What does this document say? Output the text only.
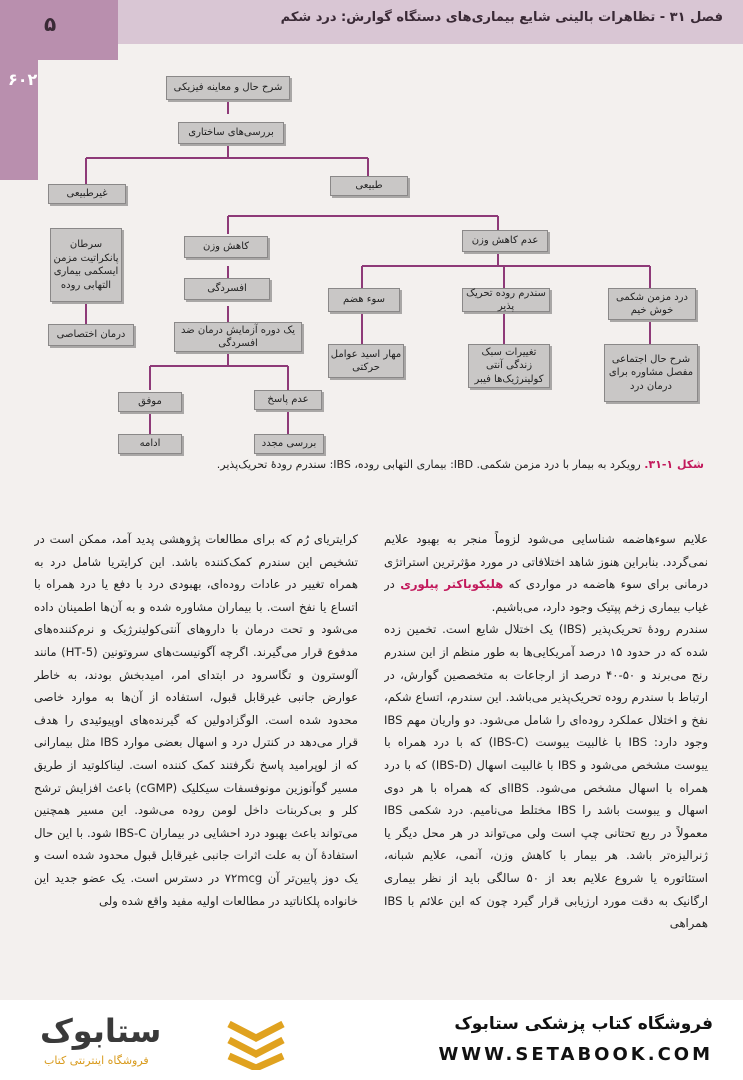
۵	فصل ۳۱ - تظاهرات بالینی شایع بیماری‌های دستگاه گوارش: درد شکم
۶۰۲	شرح حال و معاینه فیزیکی
بررسی‌های ساختاری
غیرطبیعی
طبیعی
سرطان پانکراتیت مزمن ایسکمی بیماری التهابی روده
درمان اختصاصی
کاهش وزن
عدم کاهش وزن
افسردگی
یک دوره آزمایش درمان ضد افسردگی
موفق	عدم پاسخ
ادامه	بررسی مجدد
سوء هضم
سندرم روده تحریک پذیر
درد مزمن شکمی خوش خیم
مهار اسید عوامل حرکتی
تغییرات سبک زندگی آنتی کولینرژیک‌ها فیبر
شرح حال اجتماعی مفصل مشاوره برای درمان درد
شکل ۱-۳۱. رویکرد به بیمار با درد مزمن شکمی. IBD: بیماری التهابی روده، IBS: سندرم رودۀ تحریک‌پذیر.

علایم سوءهاضمه شناسایی می‌شود لزوماً منجر به بهبود علایم نمی‌گردد. بنابراین هنوز شاهد اختلافاتی در مورد مؤثرترین استراتژی درمانی برای سوء هاضمه در مواردی که هلیکوباکتر پیلوری در غیاب بیماری زخم پپتیک وجود دارد، می‌باشیم.

سندرم رودۀ تحریک‌پذیر (IBS) یک اختلال شایع است. تخمین زده شده که در حدود ۱۵ درصد آمریکایی‌ها به طور منظم از این سندرم رنج می‌برند و ۵۰-۴۰ درصد از ارجاعات به متخصصین گوارش، در ارتباط با سندرم روده تحریک‌پذیر می‌باشد. این سندرم، اتساع شکم، نفخ و اختلال عملکرد روده‌ای را شامل می‌شود. دو واریان مهم IBS وجود دارد: IBS با غالبیت یبوست (IBS-C) که با درد همراه با یبوست مشخص می‌شود و IBS با غالبیت اسهال (IBS-D) که با درد همراه با اسهال مشخص می‌شود. IBSای که همراه با هر دوی اسهال و یبوست باشد را IBS مختلط می‌نامیم. درد شکمی IBS معمولاً در ربع تحتانی چپ است ولی می‌تواند در هر محل دیگر یا ژنرالیزه‌تر باشد. هر بیمار با کاهش وزن، آنمی، علایم شبانه، استئاتوره یا شروع علایم بعد از ۵۰ سالگی باید از نظر بیماری ارگانیک به دقت مورد ارزیابی قرار گیرد چون که این علائم با IBS همراهی

کرایتریای رُم که برای مطالعات پژوهشی پدید آمد، ممکن است در تشخیص این سندرم کمک‌کننده باشد. این کرایتریا شامل درد به همراه تغییر در عادات روده‌ای، بهبودی درد با دفع یا درد همراه با اتساع یا نفخ است. با بیماران مشاوره شده و به آن‌ها اطمینان داده می‌شود و تحت درمان با داروهای آنتی‌کولینرژیک و نرم‌کننده‌های مدفوع قرار می‌گیرند. اگرچه آگونیست‌های سروتونین (5-HT) مانند آلوسترون و تگاسرود در ابتدای امر، امیدبخش بودند، به خاطر عوارض جانبی غیرقابل قبول، استفاده از آن‌ها به موارد خاصی محدود شده است. الوگزادولین که گیرنده‌های اوپیوئیدی را هدف قرار می‌دهد در کنترل درد و اسهال بعضی موارد IBS مثل بیمارانی که از لوپرامید پاسخ نگرفتند کمک کننده است. لیناکلوتید از طریق مسیر گوآنوزین مونوفسفات سیکلیک (cGMP) باعث افزایش ترشح کلر و بی‌کربنات داخل لومن روده می‌شود. این مسیر همچنین می‌تواند باعث بهبود درد احشایی در بیماران IBS-C شود. با این حال استفادۀ آن به علت اثرات جانبی غیرقابل قبول محدود شده است و یک دوز پایین‌تر آن ۷۲mcg در دسترس است. یک عضو جدید این خانواده پلکاناتید در مطالعات اولیه مفید واقع شده ولی

ستابوک
فروشگاه اینترنتی کتاب
فروشگاه کتاب پزشکی ستابوک
WWW.SETABOOK.COM
